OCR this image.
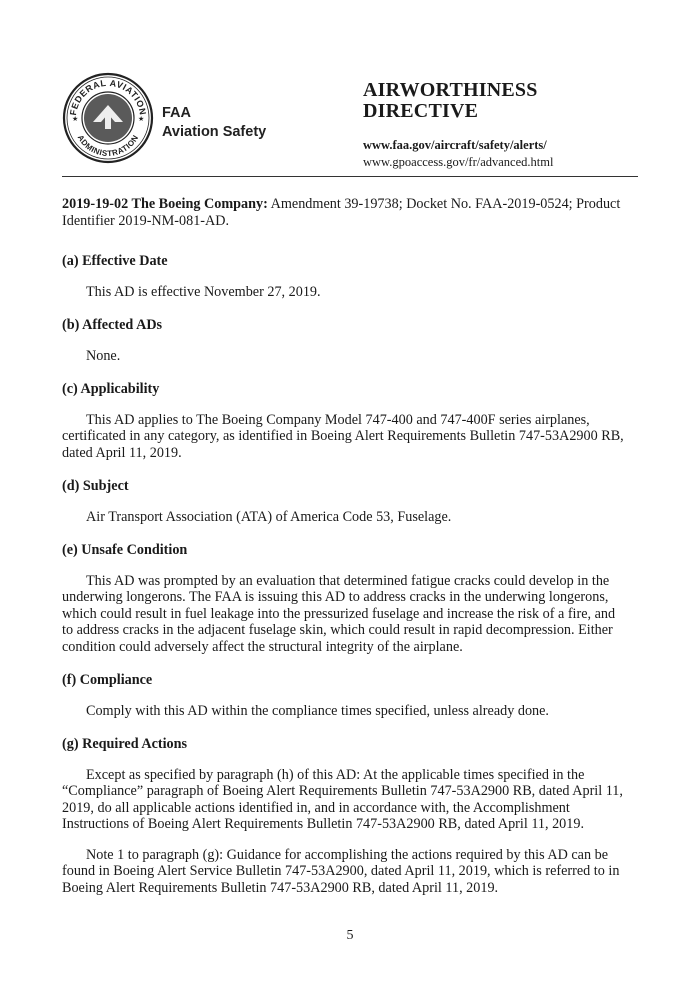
FEDERAL AVIATION
ADMINISTRATION
★	★ FAA
Aviation Safety
AIRWORTHINESS
DIRECTIVE
www.faa.gov/aircraft/safety/alerts/
www.gpoaccess.gov/fr/advanced.html

2019-19-02 The Boeing Company: Amendment 39-19738; Docket No. FAA-2019-0524; Product Identifier 2019-NM-081-AD.

(a) Effective Date

This AD is effective November 27, 2019.

(b) Affected ADs

None.

(c) Applicability

This AD applies to The Boeing Company Model 747-400 and 747-400F series airplanes, certificated in any category, as identified in Boeing Alert Requirements Bulletin 747-53A2900 RB, dated April 11, 2019.

(d) Subject

Air Transport Association (ATA) of America Code 53, Fuselage.

(e) Unsafe Condition

This AD was prompted by an evaluation that determined fatigue cracks could develop in the underwing longerons. The FAA is issuing this AD to address cracks in the underwing longerons, which could result in fuel leakage into the pressurized fuselage and increase the risk of a fire, and to address cracks in the adjacent fuselage skin, which could result in rapid decompression. Either condition could adversely affect the structural integrity of the airplane.

(f) Compliance

Comply with this AD within the compliance times specified, unless already done.

(g) Required Actions

Except as specified by paragraph (h) of this AD: At the applicable times specified in the “Compliance” paragraph of Boeing Alert Requirements Bulletin 747-53A2900 RB, dated April 11, 2019, do all applicable actions identified in, and in accordance with, the Accomplishment Instructions of Boeing Alert Requirements Bulletin 747-53A2900 RB, dated April 11, 2019.

Note 1 to paragraph (g): Guidance for accomplishing the actions required by this AD can be found in Boeing Alert Service Bulletin 747-53A2900, dated April 11, 2019, which is referred to in Boeing Alert Requirements Bulletin 747-53A2900 RB, dated April 11, 2019.

5
